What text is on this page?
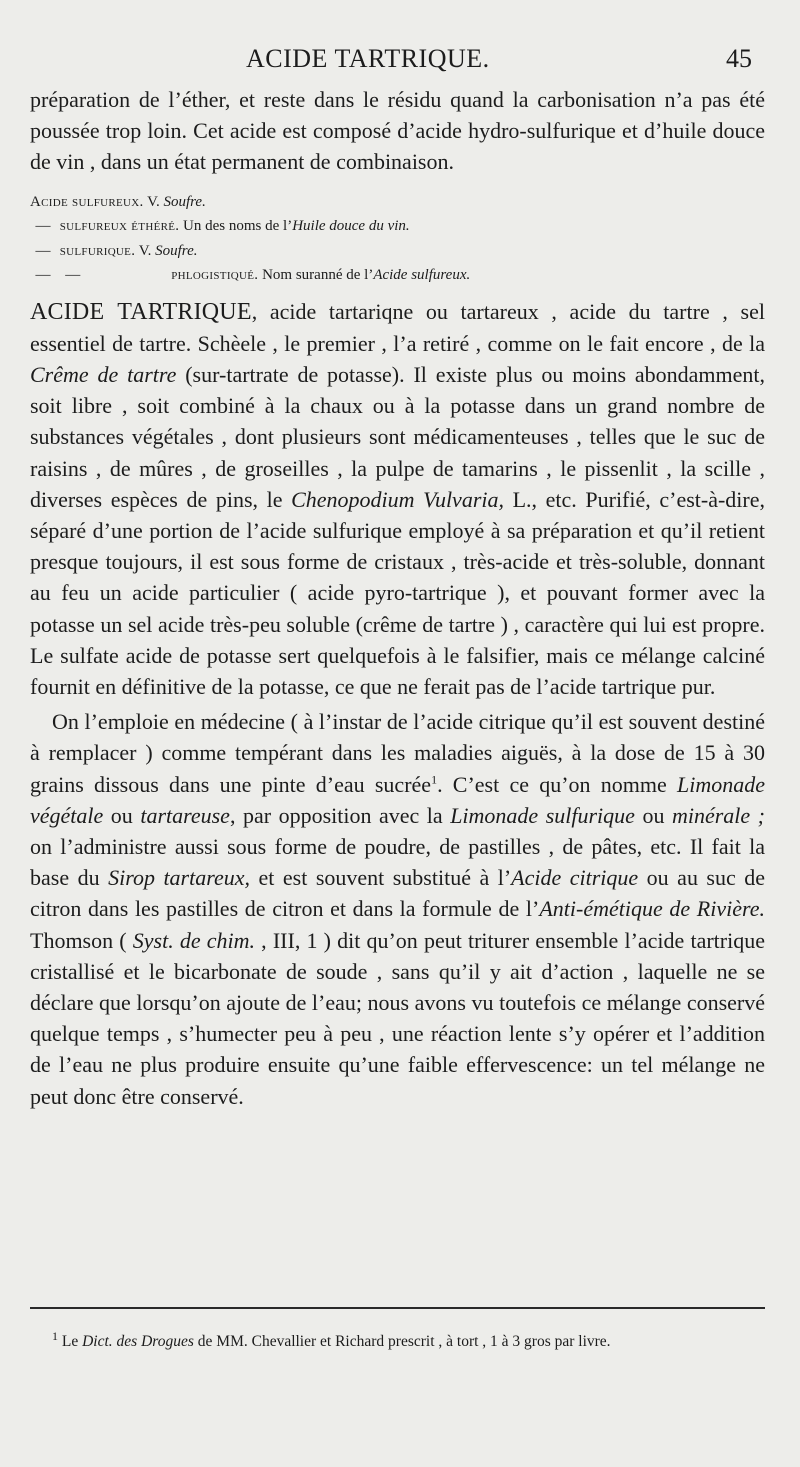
ACIDE TARTRIQUE.	45

préparation de l’éther, et reste dans le résidu quand la carbonisation n’a pas été poussée trop loin. Cet acide est composé d’acide hydro-sulfurique et d’huile douce de vin , dans un état permanent de combinaison.

Acide sulfureux. V. Soufre.
— sulfureux éthéré. Un des noms de l’Huile douce du vin.
— sulfurique. V. Soufre.
— —	phlogistiqué. Nom suranné de l’Acide sulfureux.

ACIDE TARTRIQUE, acide tartariqne ou tartareux , acide du tartre , sel essentiel de tartre. Schèele , le premier , l’a retiré , comme on le fait encore , de la Crême de tartre (sur-tartrate de potasse). Il existe plus ou moins abondamment, soit libre , soit combiné à la chaux ou à la potasse dans un grand nombre de substances végétales , dont plusieurs sont médicamenteuses , telles que le suc de raisins , de mûres , de groseilles , la pulpe de tamarins , le pissenlit , la scille , diverses espèces de pins, le Chenopodium Vulvaria, L., etc. Purifié, c’est-à-dire, séparé d’une portion de l’acide sulfurique employé à sa préparation et qu’il retient presque toujours, il est sous forme de cristaux , très-acide et très-soluble, donnant au feu un acide particulier ( acide pyro-tartrique ), et pouvant former avec la potasse un sel acide très-peu soluble (crême de tartre ) , caractère qui lui est propre. Le sulfate acide de potasse sert quelquefois à le falsifier, mais ce mélange calciné fournit en définitive de la potasse, ce que ne ferait pas de l’acide tartrique pur.

On l’emploie en médecine ( à l’instar de l’acide citrique qu’il est souvent destiné à remplacer ) comme tempérant dans les maladies aiguës, à la dose de 15 à 30 grains dissous dans une pinte d’eau sucrée$^1$. C’est ce qu’on nomme Limonade végétale ou tartareuse, par opposition avec la Limonade sulfurique ou minérale ; on l’administre aussi sous forme de poudre, de pastilles , de pâtes, etc. Il fait la base du Sirop tartareux, et est souvent substitué à l’Acide citrique ou au suc de citron dans les pastilles de citron et dans la formule de l’Anti-émétique de Rivière. Thomson ( Syst. de chim. , III, 1 ) dit qu’on peut triturer ensemble l’acide tartrique cristallisé et le bicarbonate de soude , sans qu’il y ait d’action , laquelle ne se déclare que lorsqu’on ajoute de l’eau; nous avons vu toutefois ce mélange conservé quelque temps , s’humecter peu à peu , une réaction lente s’y opérer et l’addition de l’eau ne plus produire ensuite qu’une faible effervescence: un tel mélange ne peut donc être conservé.

$^1$ Le Dict. des Drogues de MM. Chevallier et Richard prescrit , à tort , 1 à 3 gros par livre.
